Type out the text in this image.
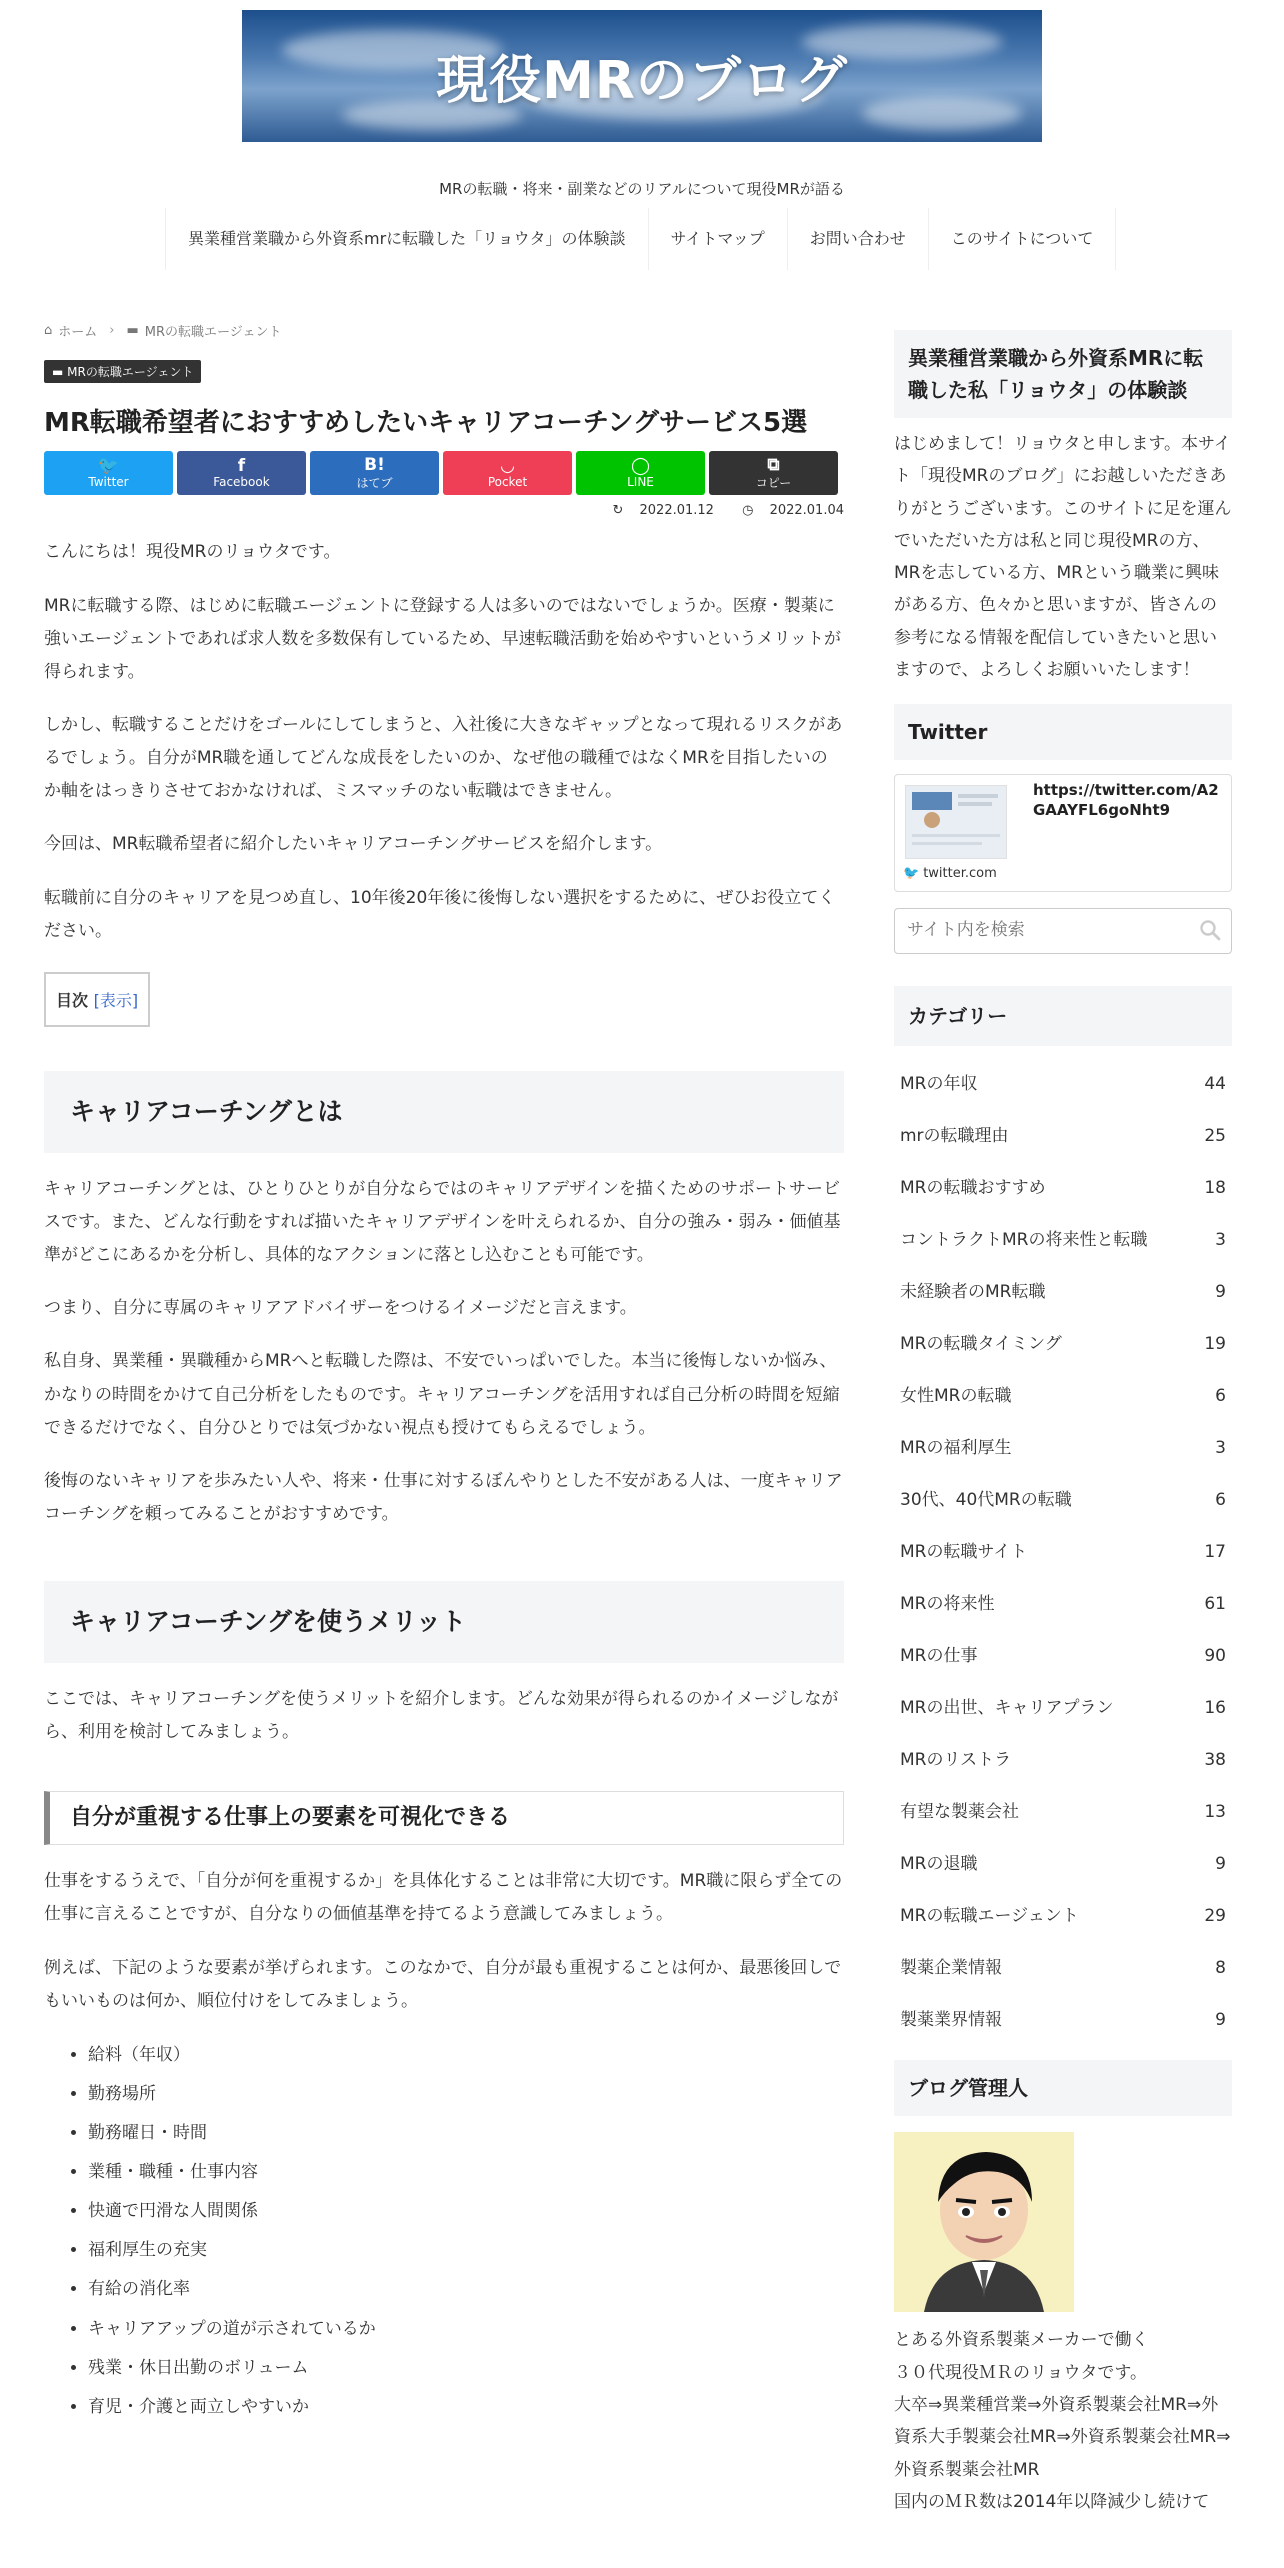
現役MRのブログ
MRの転職・将来・副業などのリアルについて現役MRが語る
異業種営業職から外資系mrに転職した「リョウタ」の体験談	サイトマップ	お問い合わせ	このサイトについて
⌂ ホーム › ▬ MRの転職エージェント
▬ MRの転職エージェント
MR転職希望者におすすめしたいキャリアコーチングサービス5選
🐦
Twitter
f
Facebook
B!
はてブ
◡
Pocket
◯
LINE
⧉
コピー
↻ 2022.01.12 ◷ 2022.01.04

こんにちは！現役MRのリョウタです。

MRに転職する際、はじめに転職エージェントに登録する人は多いのではないでしょうか。医療・製薬に強いエージェントであれば求人数を多数保有しているため、早速転職活動を始めやすいというメリットが得られます。

しかし、転職することだけをゴールにしてしまうと、入社後に大きなギャップとなって現れるリスクがあるでしょう。自分がMR職を通してどんな成長をしたいのか、なぜ他の職種ではなくMRを目指したいのか軸をはっきりさせておかなければ、ミスマッチのない転職はできません。

今回は、MR転職希望者に紹介したいキャリアコーチングサービスを紹介します。

転職前に自分のキャリアを見つめ直し、10年後20年後に後悔しない選択をするために、ぜひお役立てください。

目次 [表示]
キャリアコーチングとは

キャリアコーチングとは、ひとりひとりが自分ならではのキャリアデザインを描くためのサポートサービスです。また、どんな行動をすれば描いたキャリアデザインを叶えられるか、自分の強み・弱み・価値基準がどこにあるかを分析し、具体的なアクションに落とし込むことも可能です。

つまり、自分に専属のキャリアアドバイザーをつけるイメージだと言えます。

私自身、異業種・異職種からMRへと転職した際は、不安でいっぱいでした。本当に後悔しないか悩み、かなりの時間をかけて自己分析をしたものです。キャリアコーチングを活用すれば自己分析の時間を短縮できるだけでなく、自分ひとりでは気づかない視点も授けてもらえるでしょう。

後悔のないキャリアを歩みたい人や、将来・仕事に対するぼんやりとした不安がある人は、一度キャリアコーチングを頼ってみることがおすすめです。

キャリアコーチングを使うメリット

ここでは、キャリアコーチングを使うメリットを紹介します。どんな効果が得られるのかイメージしながら、利用を検討してみましょう。

自分が重視する仕事上の要素を可視化できる

仕事をするうえで、「自分が何を重視するか」を具体化することは非常に大切です。MR職に限らず全ての仕事に言えることですが、自分なりの価値基準を持てるよう意識してみましょう。

例えば、下記のような要素が挙げられます。このなかで、自分が最も重視することは何か、最悪後回しでもいいものは何か、順位付けをしてみましょう。

• 給料（年収）
• 勤務場所
• 勤務曜日・時間
• 業種・職種・仕事内容
• 快適で円滑な人間関係
• 福利厚生の充実
• 有給の消化率
• キャリアアップの道が示されているか
• 残業・休日出勤のボリューム
• 育児・介護と両立しやすいか
異業種営業職から外資系MRに転職した私「リョウタ」の体験談
はじめまして！リョウタと申します。本サイト「現役MRのブログ」にお越しいただきありがとうございます。このサイトに足を運んでいただいた方は私と同じ現役MRの方、MRを志している方、MRという職業に興味がある方、色々かと思いますが、皆さんの参考になる情報を配信していきたいと思いますので、よろしくお願いいたします！
Twitter
https://twitter.com/A2GAAYFL6goNht9
🐦 twitter.com
サイト内を検索
カテゴリー
MRの年収	44
mrの転職理由	25
MRの転職おすすめ	18
コントラクトMRの将来性と転職	3
未経験者のMR転職	9
MRの転職タイミング	19
女性MRの転職	6
MRの福利厚生	3
30代、40代MRの転職	6
MRの転職サイト	17
MRの将来性	61
MRの仕事	90
MRの出世、キャリアプラン	16
MRのリストラ	38
有望な製薬会社	13
MRの退職	9
MRの転職エージェント	29
製薬企業情報	8
製薬業界情報	9
ブログ管理人
とある外資系製薬メーカーで働く
３０代現役ＭＲのリョウタです。
大卒⇒異業種営業⇒外資系製薬会社MR⇒外資系大手製薬会社MR⇒外資系製薬会社MR⇒外資系製薬会社MR
国内のＭＲ数は2014年以降減少し続けて
